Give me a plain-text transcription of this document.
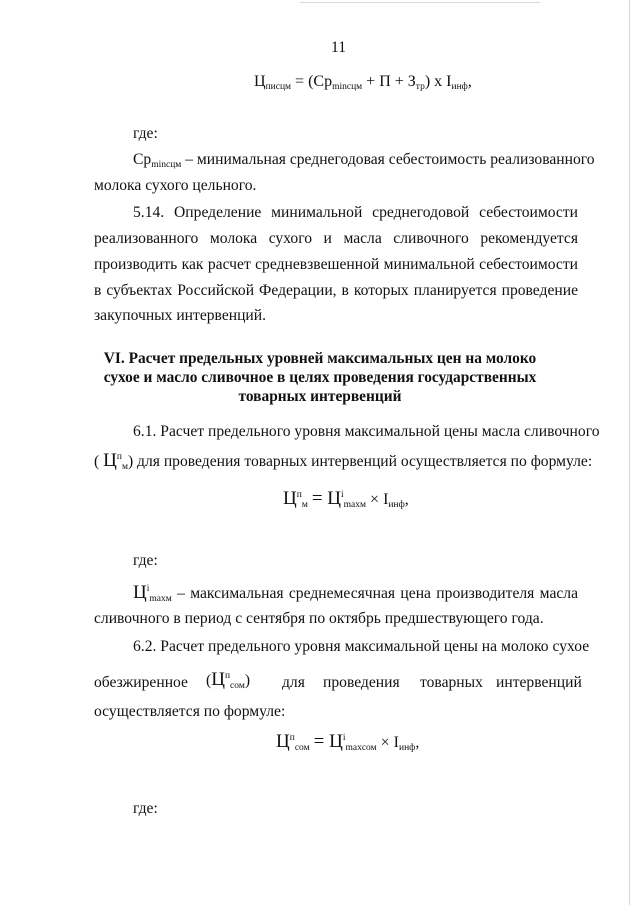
11
$Ц_{писцм} = (Ср_{minсцм} + П + З_{тр})$ х $I_{инф}$,
где:
$Ср_{minсцм}$ – минимальная среднегодовая себестоимость реализованного
молока сухого цельного.
5.14. Определение минимальной среднегодовой себестоимости
реализованного молока сухого и масла сливочного рекомендуется
производить как расчет средневзвешенной минимальной себестоимости
в субъектах Российской Федерации, в которых планируется проведение
закупочных интервенций.
VI. Расчет предельных уровней максимальных цен на молоко
сухое и масло сливочное в целях проведения государственных
товарных интервенций
6.1. Расчет предельного уровня максимальной цены масла сливочного
( $Ц^п_м$) для проведения товарных интервенций осуществляется по формуле:
$Ц^п_м = Ц^i_{maxм} \times I_{инф}$,
где:
$Ц^i_{maxм}$ – максимальная среднемесячная цена производителя масла
сливочного в период с сентября по октябрь предшествующего года.
6.2. Расчет предельного уровня максимальной цены на молоко сухое
обезжиренное $(Ц^п_{сом})$ для проведения товарных интервенций
осуществляется по формуле:
$Ц^п_{сом} = Ц^i_{maxсом} \times I_{инф}$,
где:
